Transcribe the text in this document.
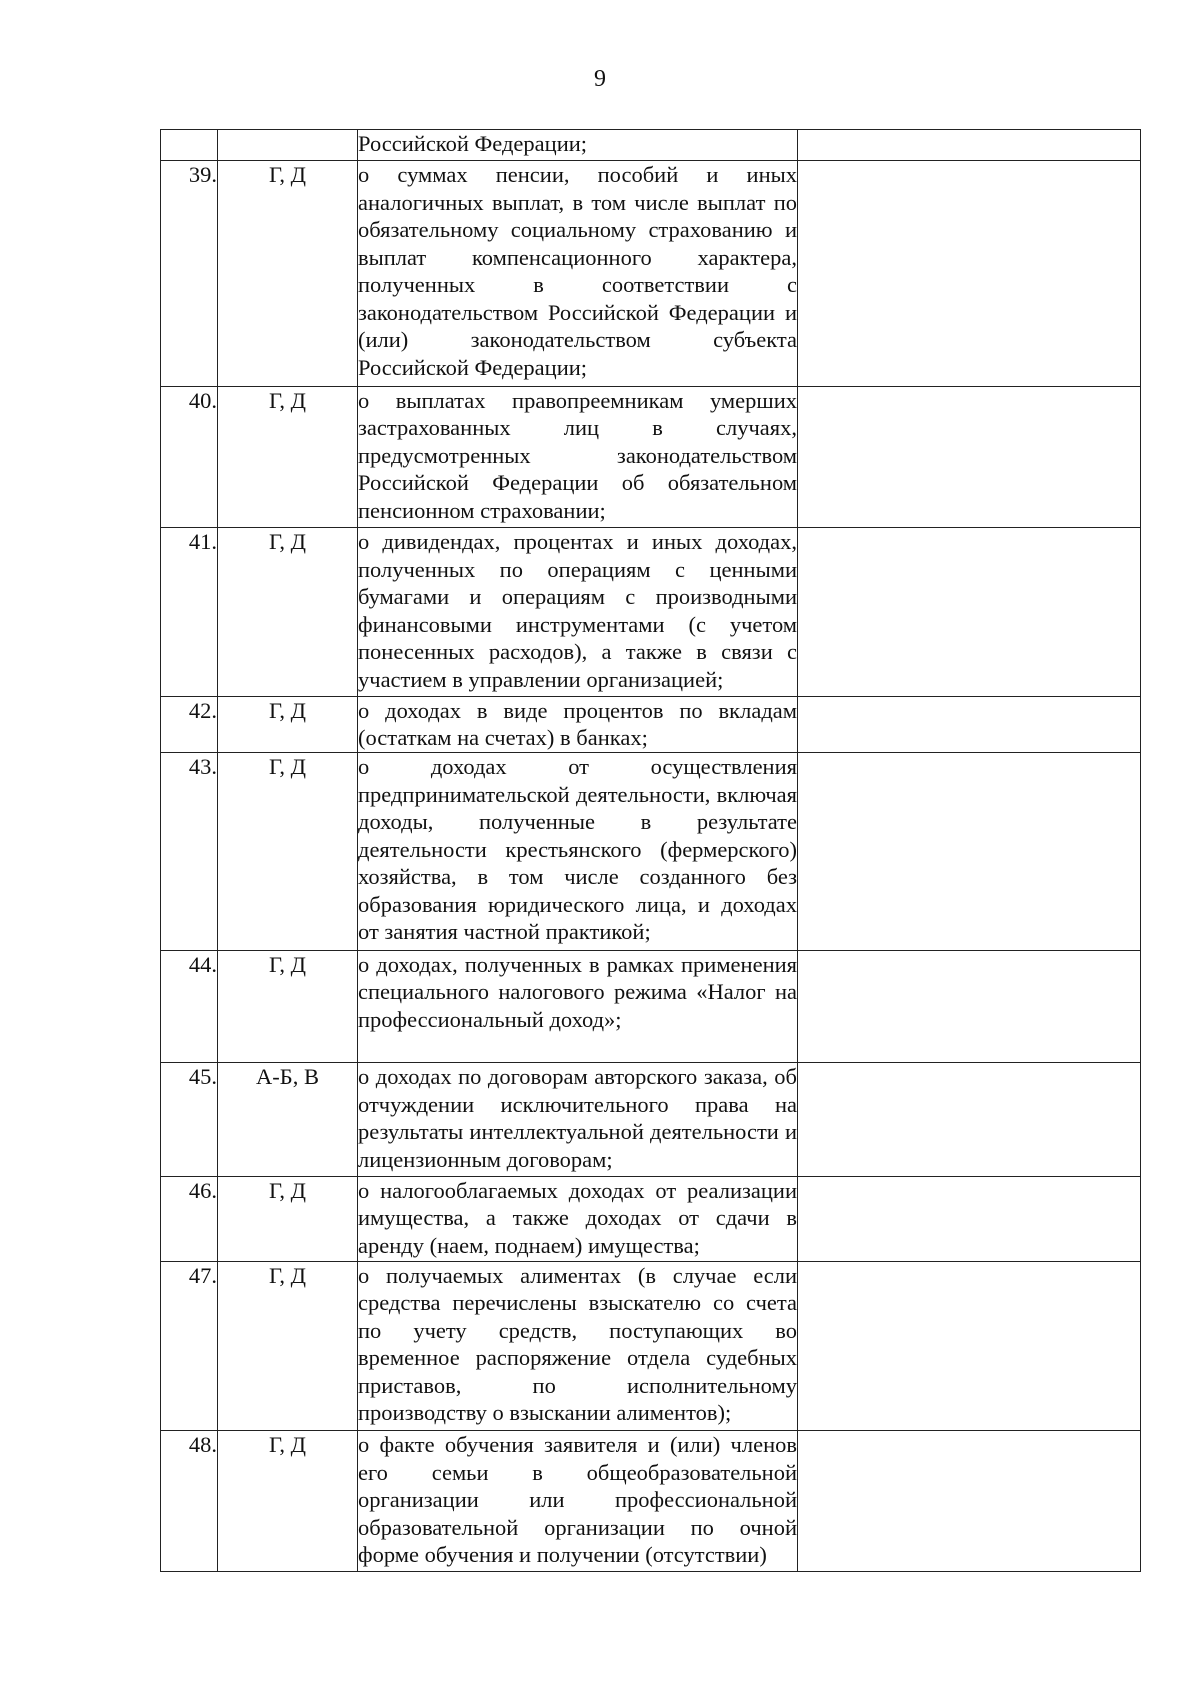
9
		Российской Федерации;	
39.	Г, Д	о суммах пенсии, пособий и иных аналогичных выплат, в том числе выплат по обязательному социальному страхованию и выплат компенсационного характера, полученных в соответствии с законодательством Российской Федерации и (или) законодательством субъекта Российской Федерации;	
40.	Г, Д	о выплатах правопреемникам умерших застрахованных лиц в случаях, предусмотренных законодательством Российской Федерации об обязательном пенсионном страховании;	
41.	Г, Д	о дивидендах, процентах и иных доходах, полученных по операциям с ценными бумагами и операциям с производными финансовыми инструментами (с учетом понесенных расходов), а также в связи с участием в управлении организацией;	
42.	Г, Д	о доходах в виде процентов по вкладам (остаткам на счетах) в банках;	
43.	Г, Д	о доходах от осуществления предпринимательской деятельности, включая доходы, полученные в результате деятельности крестьянского (фермерского) хозяйства, в том числе созданного без образования юридического лица, и доходах от занятия частной практикой;	
44.	Г, Д	о доходах, полученных в рамках применения специального налогового режима «Налог на профессиональный доход»;	
45.	А-Б, В	о доходах по договорам авторского заказа, об отчуждении исключительного права на результаты интеллектуальной деятельности и лицензионным договорам;	
46.	Г, Д	о налогооблагаемых доходах от реализации имущества, а также доходах от сдачи в аренду (наем, поднаем) имущества;	
47.	Г, Д	о получаемых алиментах (в случае если средства перечислены взыскателю со счета по учету средств, поступающих во временное распоряжение отдела судебных приставов, по исполнительному производству о взыскании алиментов);	
48.	Г, Д	о факте обучения заявителя и (или) членов его семьи в общеобразовательной организации или профессиональной образовательной организации по очной форме обучения и получении (отсутствии)	
